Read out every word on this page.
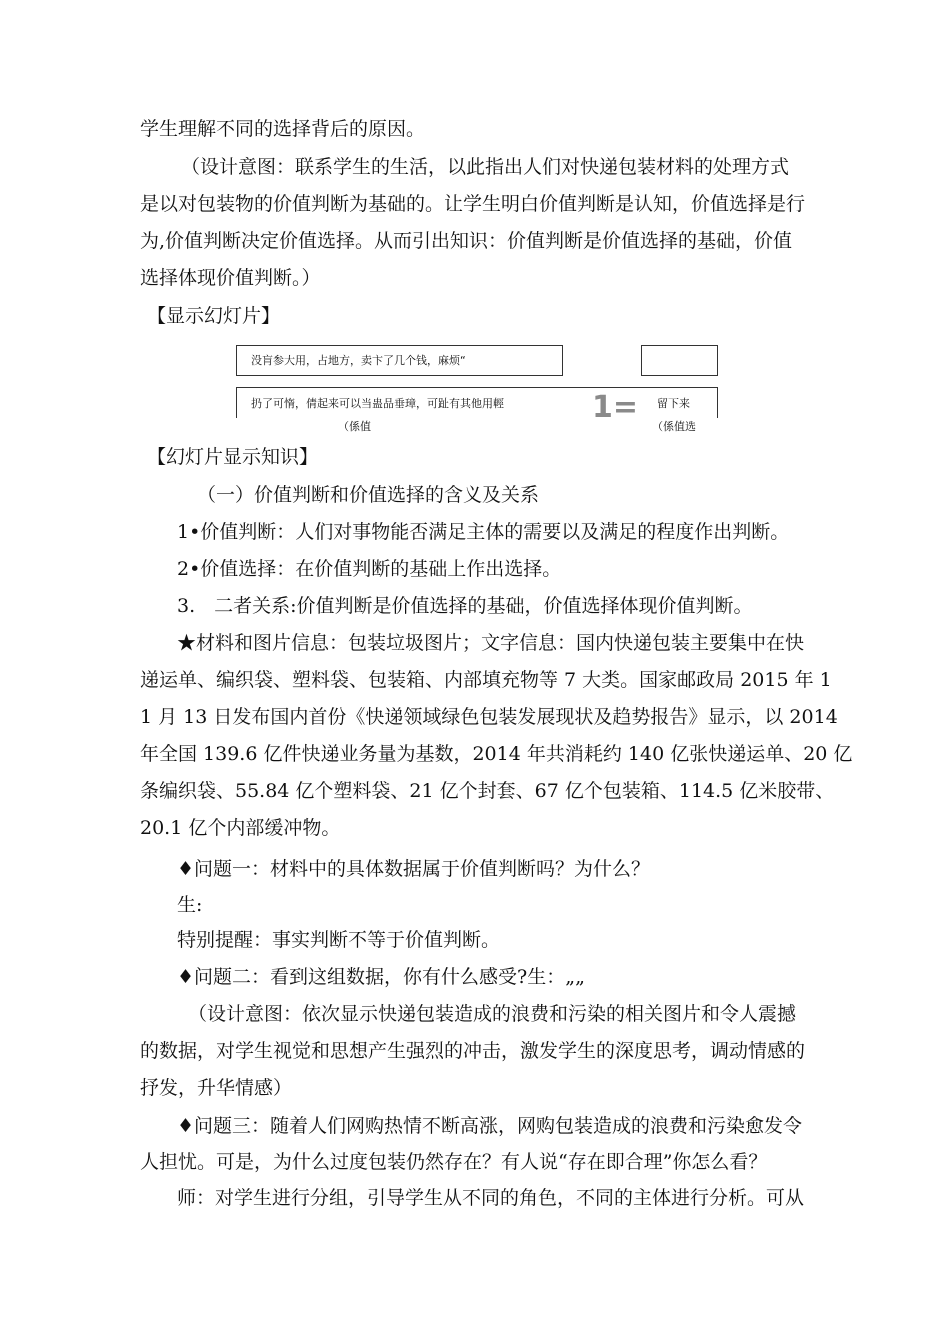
学生理解不同的选择背后的原因。
（设计意图：联系学生的生活，以此指出人们对快递包装材料的处理方式
是以对包装物的价值判断为基础的。让学生明白价值判断是认知，价值选择是行
为,价值判断决定价值选择。从而引出知识：价值判断是价值选择的基础，价值
选择体现价值判断。）
【显示幻灯片】
没肓参大用，占地方，卖卞了几个钱，麻烦“
扔了可惰，倩起来可以当蛊品垂璋，可趾有其他用輕	1= 留下来
（係值	（係值选
【幻灯片显示知识】
（一）价值判断和价值选择的含义及关系
1•价值判断：人们对事物能否满足主体的需要以及满足的程度作出判断。
2•价值选择：在价值判断的基础上作出选择。
3.　二者关系:价值判断是价值选择的基础，价值选择体现价值判断。
★材料和图片信息：包装垃圾图片；文字信息：国内快递包装主要集中在快
递运单、编织袋、塑料袋、包装箱、内部填充物等 7 大类。国家邮政局 2015 年 1
1 月 13 日发布国内首份《快递领域绿色包装发展现状及趋势报告》显示，以 2014
年全国 139.6 亿件快递业务量为基数，2014 年共消耗约 140 亿张快递运单、20 亿
条编织袋、55.84 亿个塑料袋、21 亿个封套、67 亿个包装箱、114.5 亿米胶带、
20.1 亿个内部缓冲物。
♦问题一：材料中的具体数据属于价值判断吗？为什么？
生:
特别提醒：事实判断不等于价值判断。
♦问题二：看到这组数据，你有什么感受?生：„„
（设计意图：依次显示快递包装造成的浪费和污染的相关图片和令人震撼
的数据，对学生视觉和思想产生强烈的冲击，激发学生的深度思考，调动情感的
抒发，升华情感）
♦问题三：随着人们网购热情不断高涨，网购包装造成的浪费和污染愈发令
人担忧。可是，为什么过度包装仍然存在？有人说“存在即合理”你怎么看？
师：对学生进行分组，引导学生从不同的角色，不同的主体进行分析。可从
